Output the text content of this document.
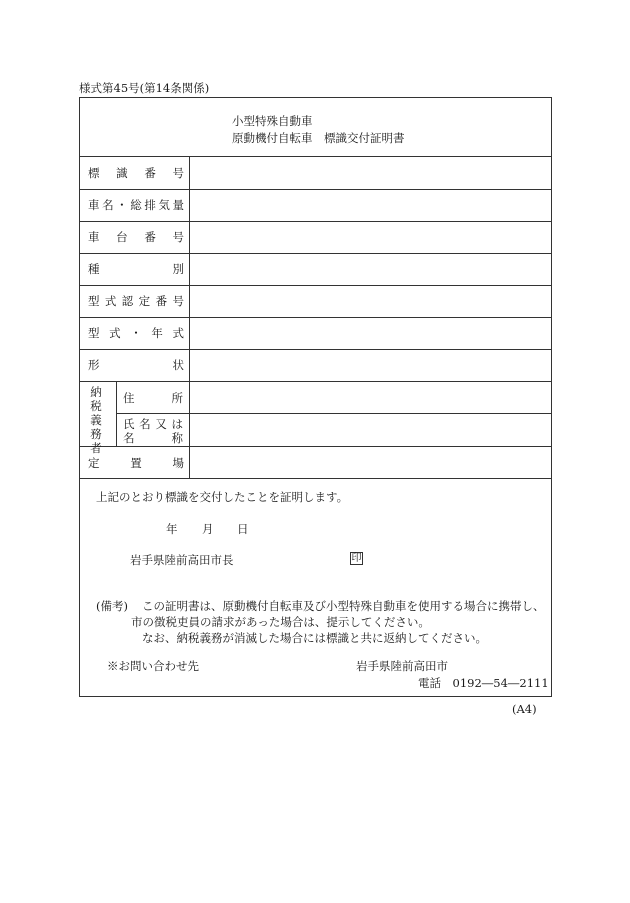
様式第45号(第14条関係)
小型特殊自動車
原動機付自転車　標識交付証明書
標 識 番 号
車 名 ・ 総 排 気 量
車 台 番 号
種	別
型 式 認 定 番 号
型 式 ・ 年 式
形	状
納税義務者
住	所
氏 名 又 は
名	称
定	置	場
上記のとおり標識を交付したことを証明します。
年 月 日
岩手県陸前高田市長	印
(備考) この証明書は、原動機付自転車及び小型特殊自動車を使用する場合に携帯し、
市の徴税吏員の請求があった場合は、提示してください。
なお、納税義務が消滅した場合には標識と共に返納してください。
※お問い合わせ先	岩手県陸前高田市
電話　0192―54―2111
(A4)
